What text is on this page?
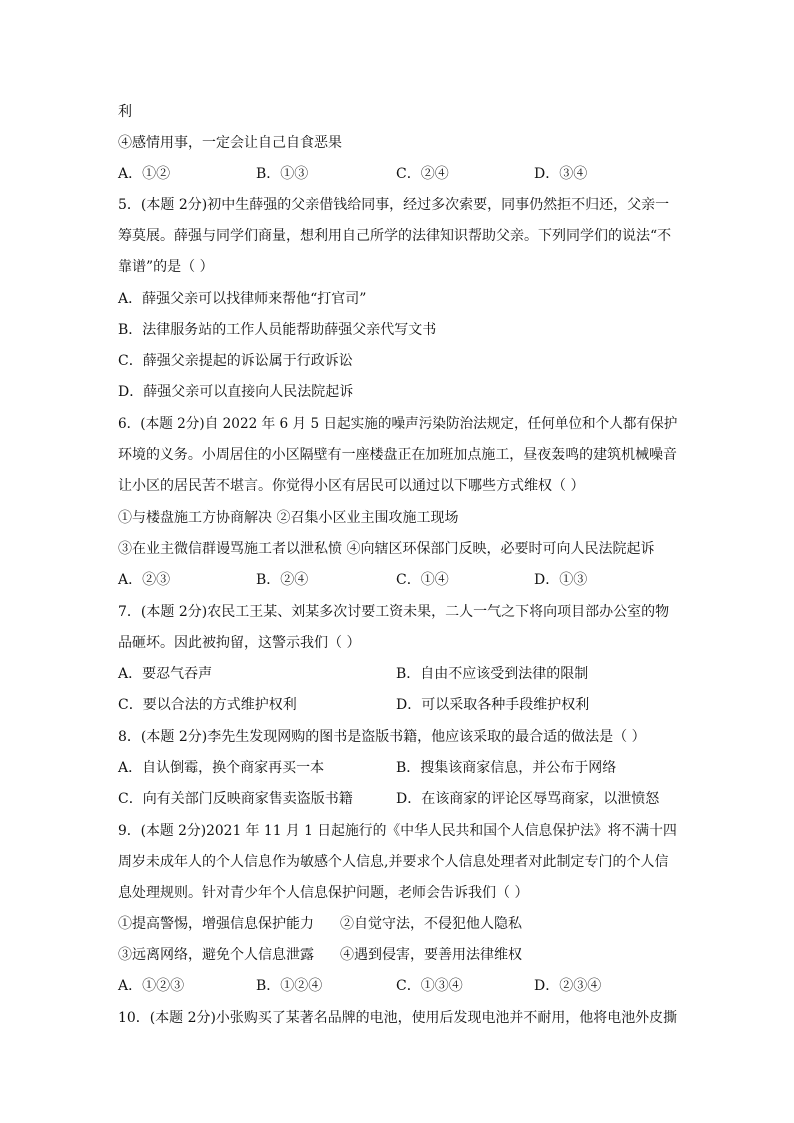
利
④感情用事，一定会让自己自食恶果
A．①②	B．①③	C．②④	D．③④
5．(本题 2分)初中生薛强的父亲借钱给同事，经过多次索要，同事仍然拒不归还，父亲一
筹莫展。薛强与同学们商量，想利用自己所学的法律知识帮助父亲。下列同学们的说法“不
靠谱”的是（ ）
A．薛强父亲可以找律师来帮他“打官司”
B．法律服务站的工作人员能帮助薛强父亲代写文书
C．薛强父亲提起的诉讼属于行政诉讼
D．薛强父亲可以直接向人民法院起诉
6．(本题 2分)自 2022 年 6 月 5 日起实施的噪声污染防治法规定，任何单位和个人都有保护
环境的义务。小周居住的小区隔壁有一座楼盘正在加班加点施工，昼夜轰鸣的建筑机械噪音
让小区的居民苦不堪言。你觉得小区有居民可以通过以下哪些方式维权（ ）
①与楼盘施工方协商解决 ②召集小区业主围攻施工现场
③在业主微信群谩骂施工者以泄私愤 ④向辖区环保部门反映，必要时可向人民法院起诉
A．②③	B．②④	C．①④	D．①③
7．(本题 2分)农民工王某、刘某多次讨要工资未果，二人一气之下将向项目部办公室的物
品砸坏。因此被拘留，这警示我们（ ）
A．要忍气吞声	B．自由不应该受到法律的限制
C．要以合法的方式维护权利	D．可以采取各种手段维护权利
8．(本题 2分)李先生发现网购的图书是盗版书籍，他应该采取的最合适的做法是（ ）
A．自认倒霉，换个商家再买一本	B．搜集该商家信息，并公布于网络
C．向有关部门反映商家售卖盗版书籍	D．在该商家的评论区辱骂商家，以泄愤怒
9．(本题 2分)2021 年 11 月 1 日起施行的《中华人民共和国个人信息保护法》将不满十四
周岁未成年人的个人信息作为敏感个人信息,并要求个人信息处理者对此制定专门的个人信
息处理规则。针对青少年个人信息保护问题，老师会告诉我们（ ）
①提高警惕，增强信息保护能力 ②自觉守法，不侵犯他人隐私
③远离网络，避免个人信息泄露 ④遇到侵害，要善用法律维权
A．①②③	B．①②④	C．①③④	D．②③④
10．(本题 2分)小张购买了某著名品牌的电池，使用后发现电池并不耐用，他将电池外皮撕
